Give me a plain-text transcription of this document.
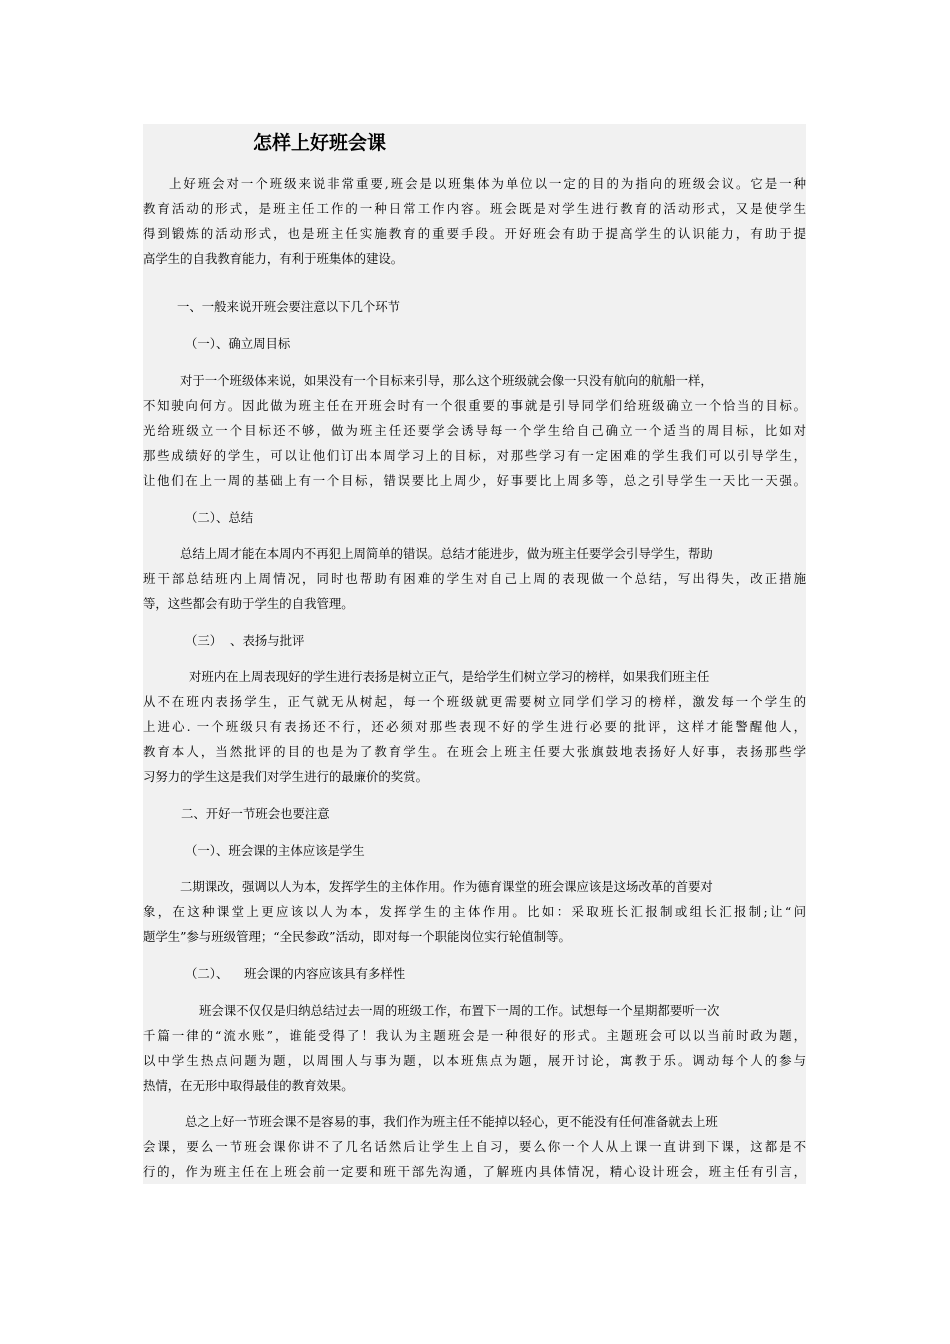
怎样上好班会课

上好班会对一个班级来说非常重要,班会是以班集体为单位以一定的目的为指向的班级会议。它是一种

教育活动的形式，是班主任工作的一种日常工作内容。班会既是对学生进行教育的活动形式，又是使学生

得到锻炼的活动形式，也是班主任实施教育的重要手段。开好班会有助于提高学生的认识能力，有助于提

高学生的自我教育能力，有利于班集体的建设。

一、一般来说开班会要注意以下几个环节

（一）、确立周目标

对于一个班级体来说，如果没有一个目标来引导，那么这个班级就会像一只没有航向的航船一样，

不知驶向何方。因此做为班主任在开班会时有一个很重要的事就是引导同学们给班级确立一个恰当的目标。

光给班级立一个目标还不够，做为班主任还要学会诱导每一个学生给自己确立一个适当的周目标，比如对

那些成绩好的学生，可以让他们订出本周学习上的目标，对那些学习有一定困难的学生我们可以引导学生，

让他们在上一周的基础上有一个目标，错误要比上周少，好事要比上周多等，总之引导学生一天比一天强。

（二）、总结

总结上周才能在本周内不再犯上周简单的错误。总结才能进步，做为班主任要学会引导学生，帮助

班干部总结班内上周情况，同时也帮助有困难的学生对自己上周的表现做一个总结，写出得失，改正措施

等，这些都会有助于学生的自我管理。

（三）  、表扬与批评

对班内在上周表现好的学生进行表扬是树立正气，是给学生们树立学习的榜样，如果我们班主任

从不在班内表扬学生，正气就无从树起，每一个班级就更需要树立同学们学习的榜样，激发每一个学生的

上进心. 一个班级只有表扬还不行，还必须对那些表现不好的学生进行必要的批评，这样才能警醒他人，

教育本人，当然批评的目的也是为了教育学生。在班会上班主任要大张旗鼓地表扬好人好事，表扬那些学

习努力的学生这是我们对学生进行的最廉价的奖赏。

二、开好一节班会也要注意

（一）、班会课的主体应该是学生

二期课改，强调以人为本，发挥学生的主体作用。作为德育课堂的班会课应该是这场改革的首要对

象，在这种课堂上更应该以人为本，发挥学生的主体作用。比如：采取班长汇报制或组长汇报制;让“问

题学生”参与班级管理；“全民参政”活动，即对每一个职能岗位实行轮值制等。

（二）、    班会课的内容应该具有多样性

班会课不仅仅是归纳总结过去一周的班级工作，布置下一周的工作。试想每一个星期都要听一次

千篇一律的“流水账”，谁能受得了！我认为主题班会是一种很好的形式。主题班会可以以当前时政为题，

以中学生热点问题为题，以周围人与事为题，以本班焦点为题，展开讨论，寓教于乐。调动每个人的参与

热情，在无形中取得最佳的教育效果。

总之上好一节班会课不是容易的事，我们作为班主任不能掉以轻心，更不能没有任何准备就去上班

会课，要么一节班会课你讲不了几名话然后让学生上自习，要么你一个人从上课一直讲到下课，这都是不

行的，作为班主任在上班会前一定要和班干部先沟通，了解班内具体情况，精心设计班会，班主任有引言，
